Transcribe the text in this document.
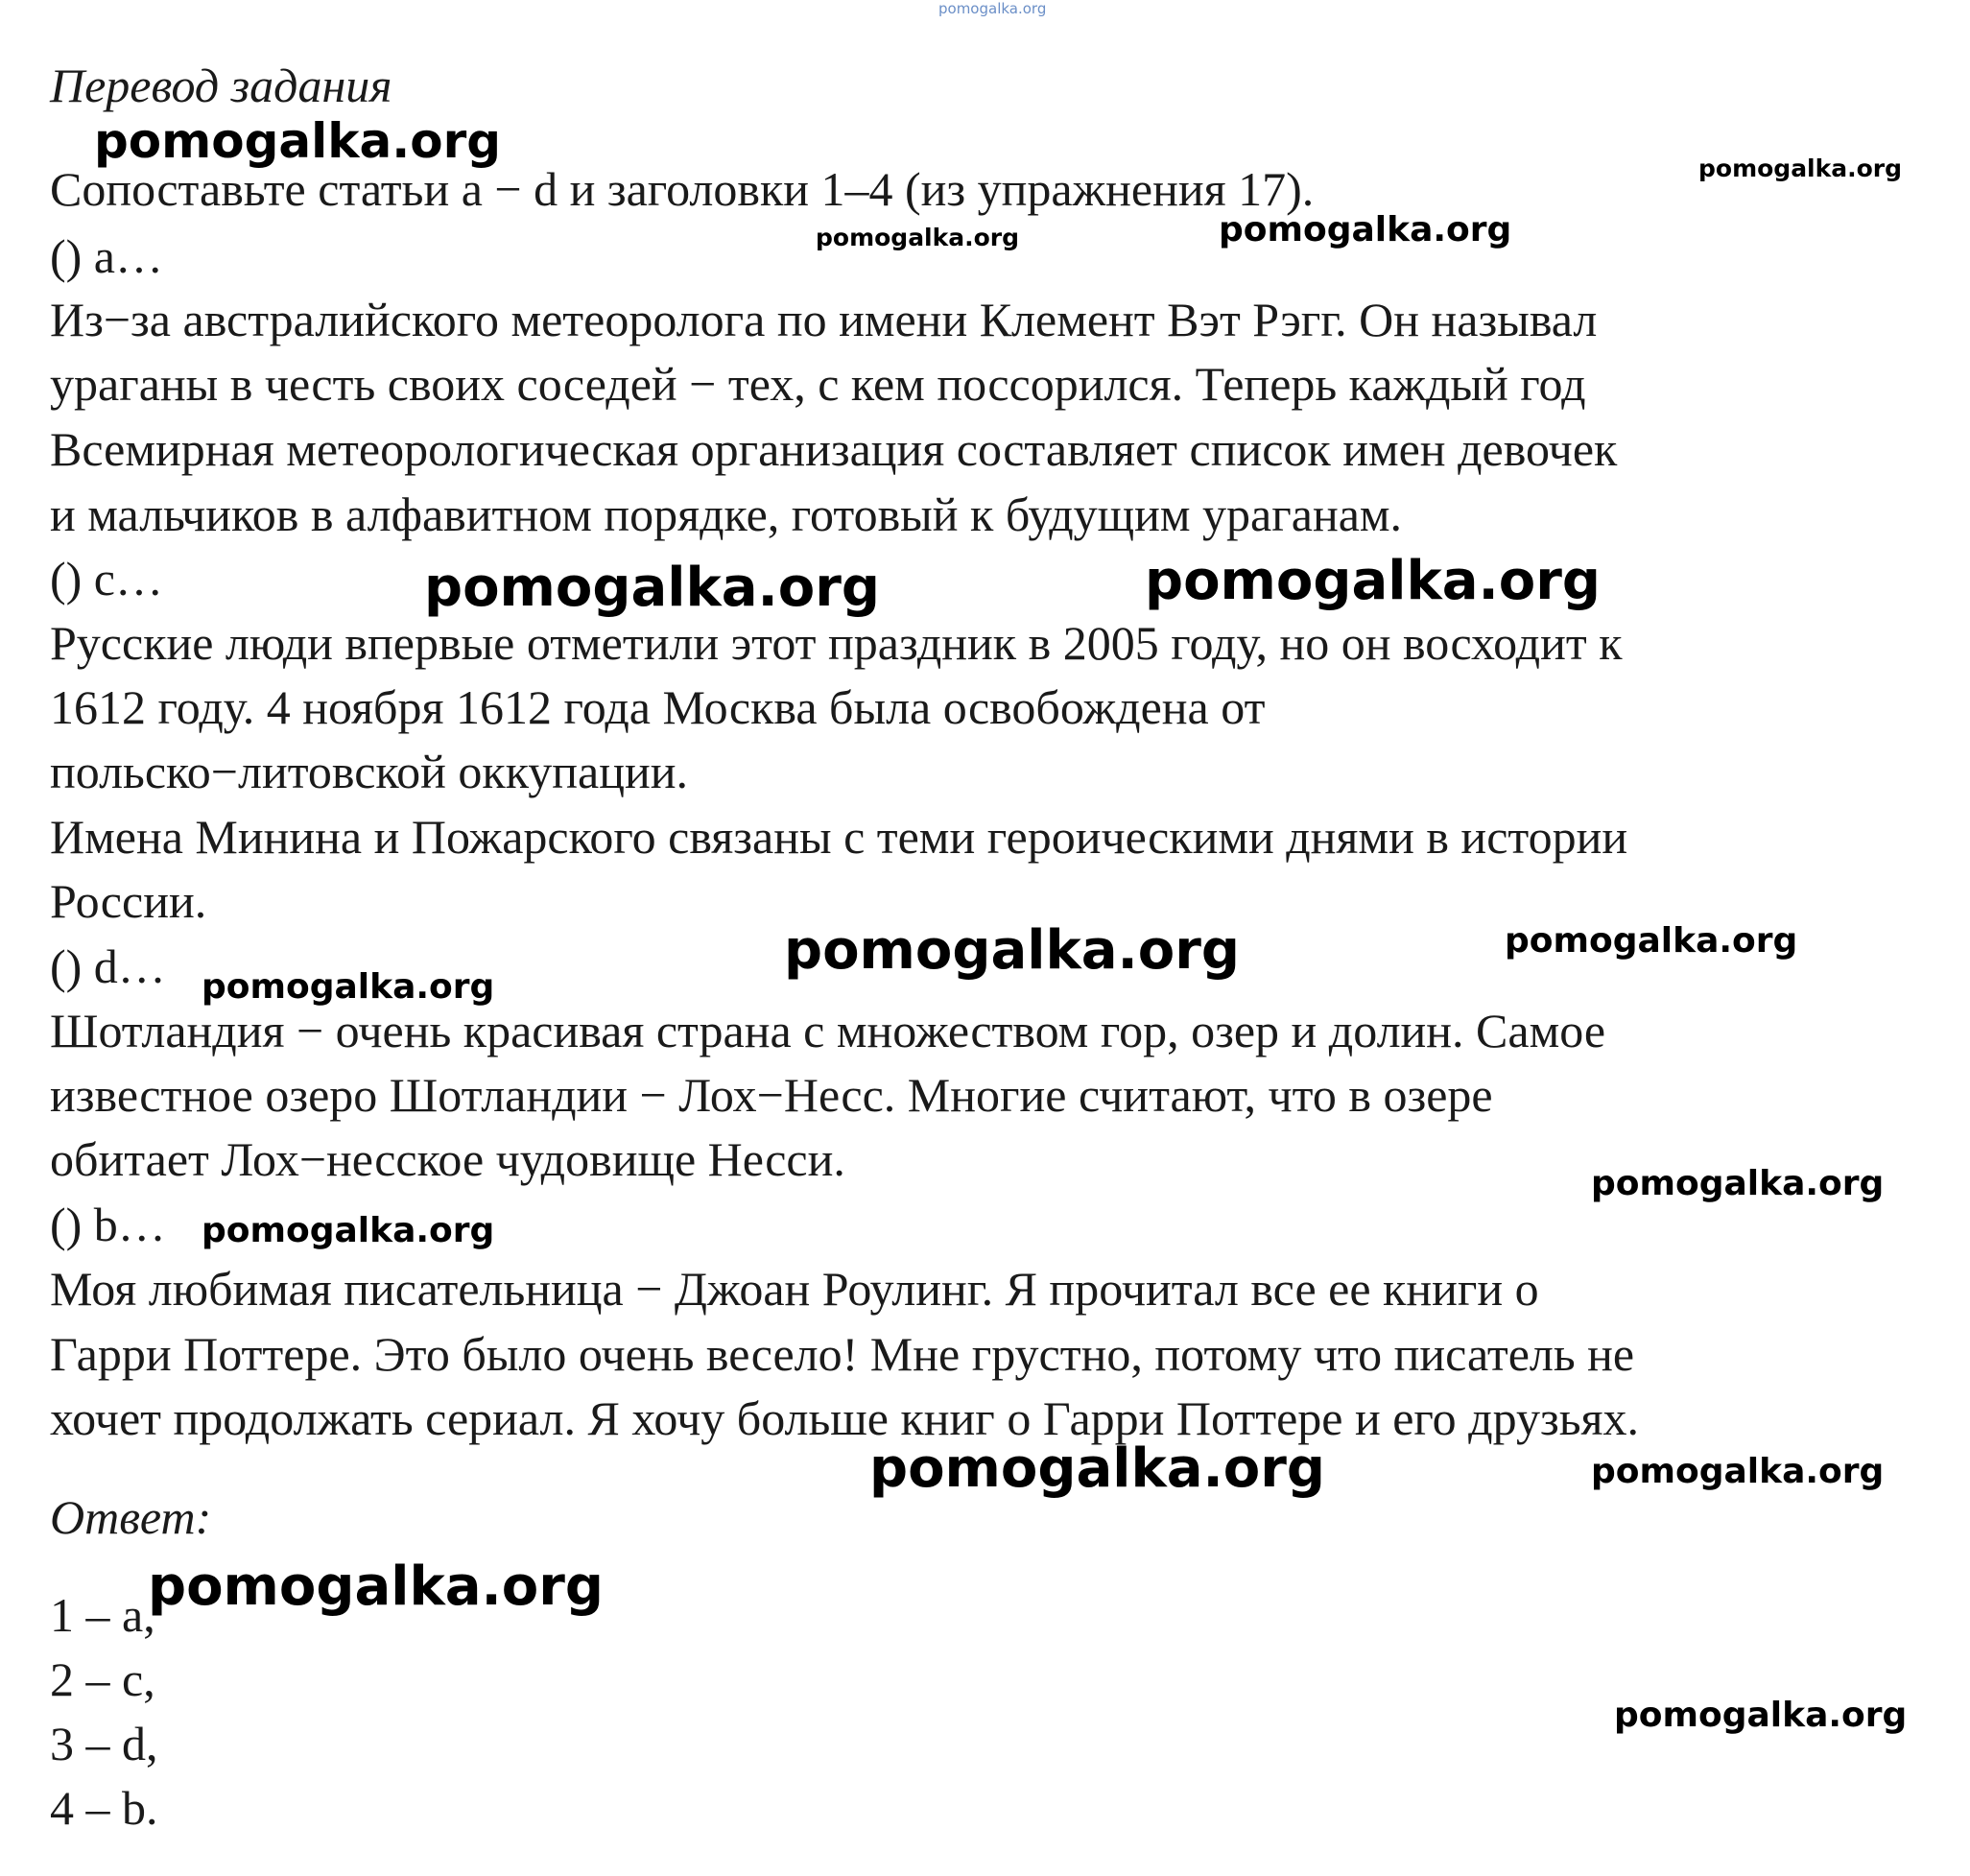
pomogalka.org
Перевод задания
Сопоставьте статьи a − d и заголовки 1–4 (из упражнения 17).
() a…
Из−за австралийского метеоролога по имени Клемент Вэт Рэгг. Он называл
ураганы в честь своих соседей − тех, с кем поссорился. Теперь каждый год
Всемирная метеорологическая организация составляет список имен девочек
и мальчиков в алфавитном порядке, готовый к будущим ураганам.
() c…
Русские люди впервые отметили этот праздник в 2005 году, но он восходит к
1612 году. 4 ноября 1612 года Москва была освобождена от
польско−литовской оккупации.
Имена Минина и Пожарского связаны с теми героическими днями в истории
России.
() d…
Шотландия − очень красивая страна с множеством гор, озер и долин. Самое
известное озеро Шотландии − Лох−Несс. Многие считают, что в озере
обитает Лох−несское чудовище Несси.
() b…
Моя любимая писательница − Джоан Роулинг. Я прочитал все ее книги о
Гарри Поттере. Это было очень весело! Мне грустно, потому что писатель не
хочет продолжать сериал. Я хочу больше книг о Гарри Поттере и его друзьях.
Ответ:
1 – a,
2 – c,
3 – d,
4 – b.
pomogalka.org	pomogalka.org
pomogalka.org	pomogalka.org
pomogalka.org	pomogalka.org
pomogalka.org	pomogalka.org
pomogalka.org
pomogalka.org
pomogalka.org
pomogalka.org	pomogalka.org
pomogalka.org
pomogalka.org
